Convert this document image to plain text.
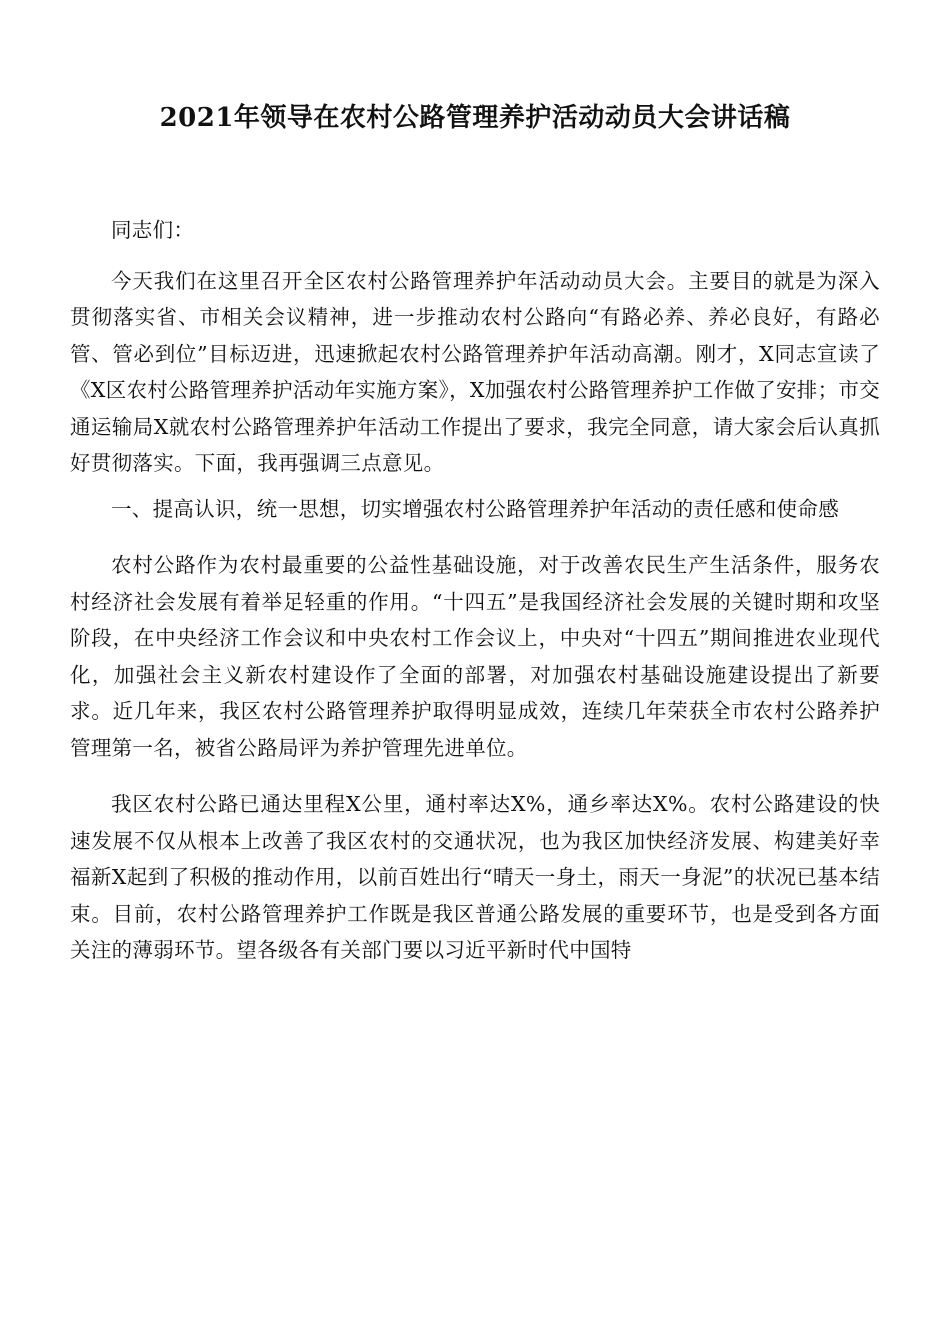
2021年领导在农村公路管理养护活动动员大会讲话稿

同志们：

今天我们在这里召开全区农村公路管理养护年活动动员大会。主要目的就是为深入贯彻落实省、市相关会议精神，进一步推动农村公路向“有路必养、养必良好，有路必管、管必到位”目标迈进，迅速掀起农村公路管理养护年活动高潮。刚才，X同志宣读了《X区农村公路管理养护活动年实施方案》，X加强农村公路管理养护工作做了安排；市交通运输局X就农村公路管理养护年活动工作提出了要求，我完全同意，请大家会后认真抓好贯彻落实。下面，我再强调三点意见。

一、提高认识，统一思想，切实增强农村公路管理养护年活动的责任感和使命感

农村公路作为农村最重要的公益性基础设施，对于改善农民生产生活条件，服务农村经济社会发展有着举足轻重的作用。“十四五”是我国经济社会发展的关键时期和攻坚阶段，在中央经济工作会议和中央农村工作会议上，中央对“十四五”期间推进农业现代化，加强社会主义新农村建设作了全面的部署，对加强农村基础设施建设提出了新要求。近几年来，我区农村公路管理养护取得明显成效，连续几年荣获全市农村公路养护管理第一名，被省公路局评为养护管理先进单位。

我区农村公路已通达里程X公里，通村率达X%，通乡率达X%。农村公路建设的快速发展不仅从根本上改善了我区农村的交通状况，也为我区加快经济发展、构建美好幸福新X起到了积极的推动作用，以前百姓出行“晴天一身土，雨天一身泥”的状况已基本结束。目前，农村公路管理养护工作既是我区普通公路发展的重要环节，也是受到各方面关注的薄弱环节。望各级各有关部门要以习近平新时代中国特
